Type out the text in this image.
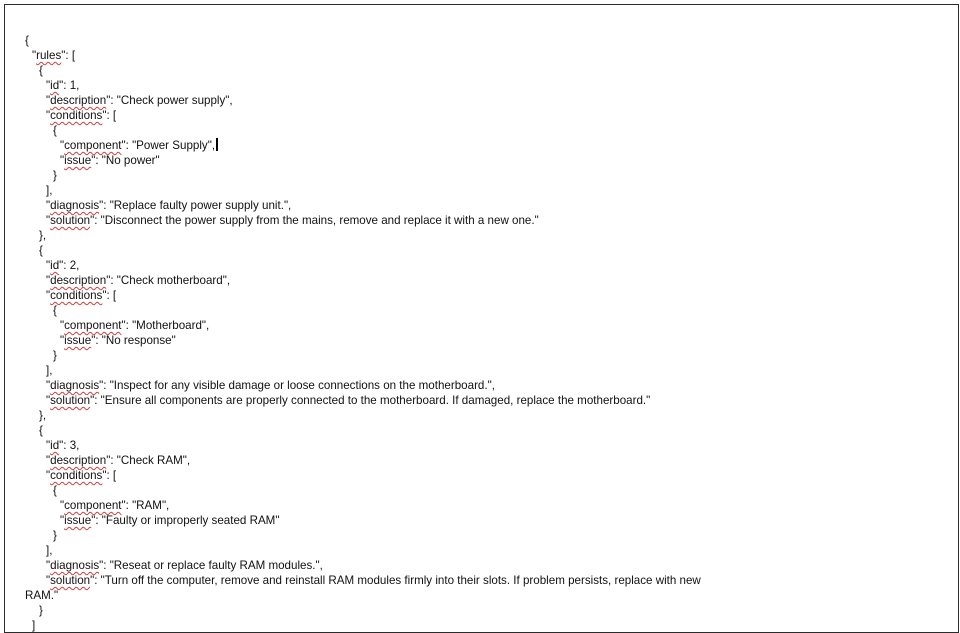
{
"rules": [
{
"id": 1,
"description": "Check power supply",
"conditions": [
{
"component": "Power Supply",
"issue": "No power"
}
],
"diagnosis": "Replace faulty power supply unit.",
"solution": "Disconnect the power supply from the mains, remove and replace it with a new one."
},
{
"id": 2,
"description": "Check motherboard",
"conditions": [
{
"component": "Motherboard",
"issue": "No response"
}
],
"diagnosis": "Inspect for any visible damage or loose connections on the motherboard.",
"solution": "Ensure all components are properly connected to the motherboard. If damaged, replace the motherboard."
},
{
"id": 3,
"description": "Check RAM",
"conditions": [
{
"component": "RAM",
"issue": "Faulty or improperly seated RAM"
}
],
"diagnosis": "Reseat or replace faulty RAM modules.",
"solution": "Turn off the computer, remove and reinstall RAM modules firmly into their slots. If problem persists, replace with new
RAM."
}
]
